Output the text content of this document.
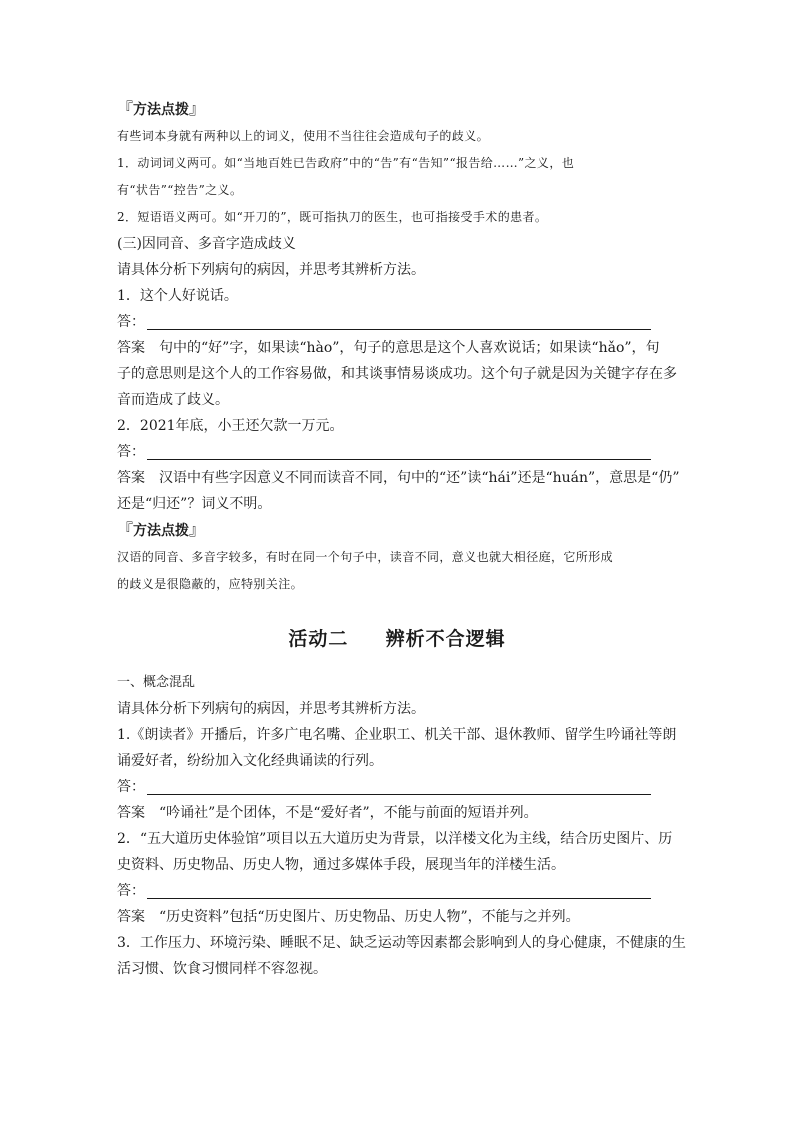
『方法点拨』
有些词本身就有两种以上的词义，使用不当往往会造成句子的歧义。
1．动词词义两可。如“当地百姓已告政府”中的“告”有“告知”“报告给……”之义，也
有“状告”“控告”之义。
2．短语语义两可。如“开刀的”，既可指执刀的医生，也可指接受手术的患者。
(三)因同音、多音字造成歧义
请具体分析下列病句的病因，并思考其辨析方法。
1．这个人好说话。
答：
答案 句中的“好”字，如果读“hào”，句子的意思是这个人喜欢说话；如果读“hǎo”，句
子的意思则是这个人的工作容易做，和其谈事情易谈成功。这个句子就是因为关键字存在多
音而造成了歧义。
2．2021年底，小王还欠款一万元。
答：
答案 汉语中有些字因意义不同而读音不同，句中的“还”读“hái”还是“huán”，意思是“仍”
还是“归还”？词义不明。
『方法点拨』
汉语的同音、多音字较多，有时在同一个句子中，读音不同，意义也就大相径庭，它所形成
的歧义是很隐蔽的，应特别关注。
活动二 辨析不合逻辑
一、概念混乱
请具体分析下列病句的病因，并思考其辨析方法。
1.《朗读者》开播后，许多广电名嘴、企业职工、机关干部、退休教师、留学生吟诵社等朗
诵爱好者，纷纷加入文化经典诵读的行列。
答：
答案 “吟诵社”是个团体，不是“爱好者”，不能与前面的短语并列。
2．“五大道历史体验馆”项目以五大道历史为背景，以洋楼文化为主线，结合历史图片、历
史资料、历史物品、历史人物，通过多媒体手段，展现当年的洋楼生活。
答：
答案 “历史资料”包括“历史图片、历史物品、历史人物”，不能与之并列。
3．工作压力、环境污染、睡眠不足、缺乏运动等因素都会影响到人的身心健康，不健康的生
活习惯、饮食习惯同样不容忽视。
